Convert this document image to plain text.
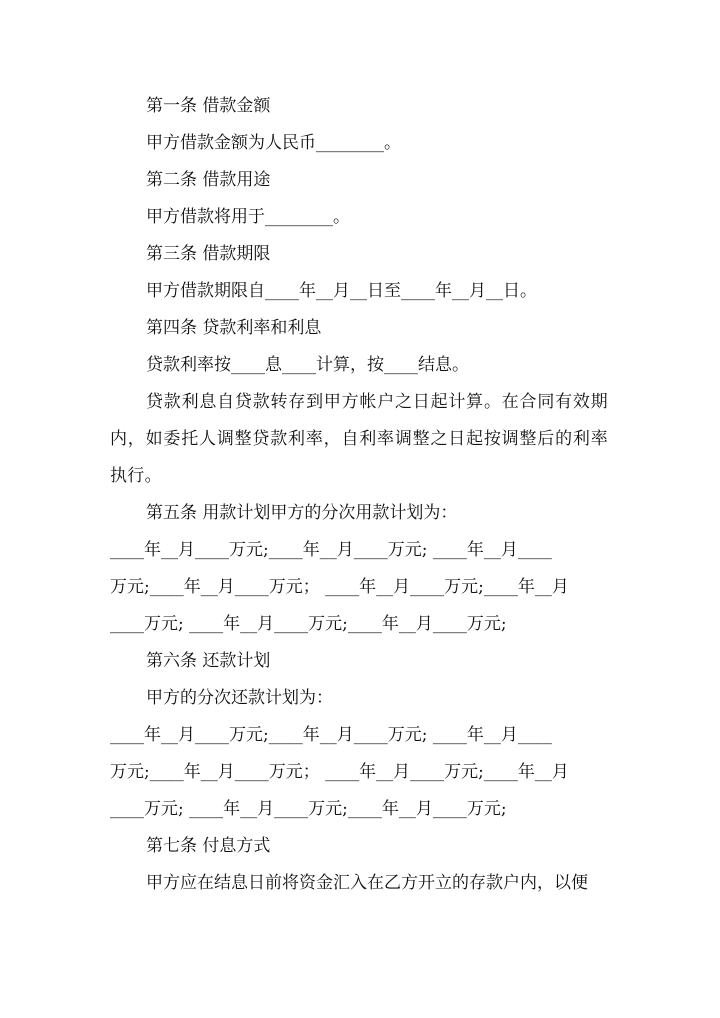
第一条 借款金额

甲方借款金额为人民币________。

第二条 借款用途

甲方借款将用于________。

第三条 借款期限

甲方借款期限自____年__月__日至____年__月__日。

第四条 贷款利率和利息

贷款利率按____息____计算，按____结息。

贷款利息自贷款转存到甲方帐户之日起计算。在合同有效期内，如委托人调整贷款利率，自利率调整之日起按调整后的利率执行。

第五条 用款计划甲方的分次用款计划为：

____年__月____万元;____年__月____万元; ____年__月____

万元;____年__月____万元； ____年__月____万元;____年__月

____万元; ____年__月____万元;____年__月____万元;

第六条 还款计划

甲方的分次还款计划为：

____年__月____万元;____年__月____万元; ____年__月____

万元;____年__月____万元； ____年__月____万元;____年__月

____万元; ____年__月____万元;____年__月____万元;

第七条 付息方式

甲方应在结息日前将资金汇入在乙方开立的存款户内，以便
